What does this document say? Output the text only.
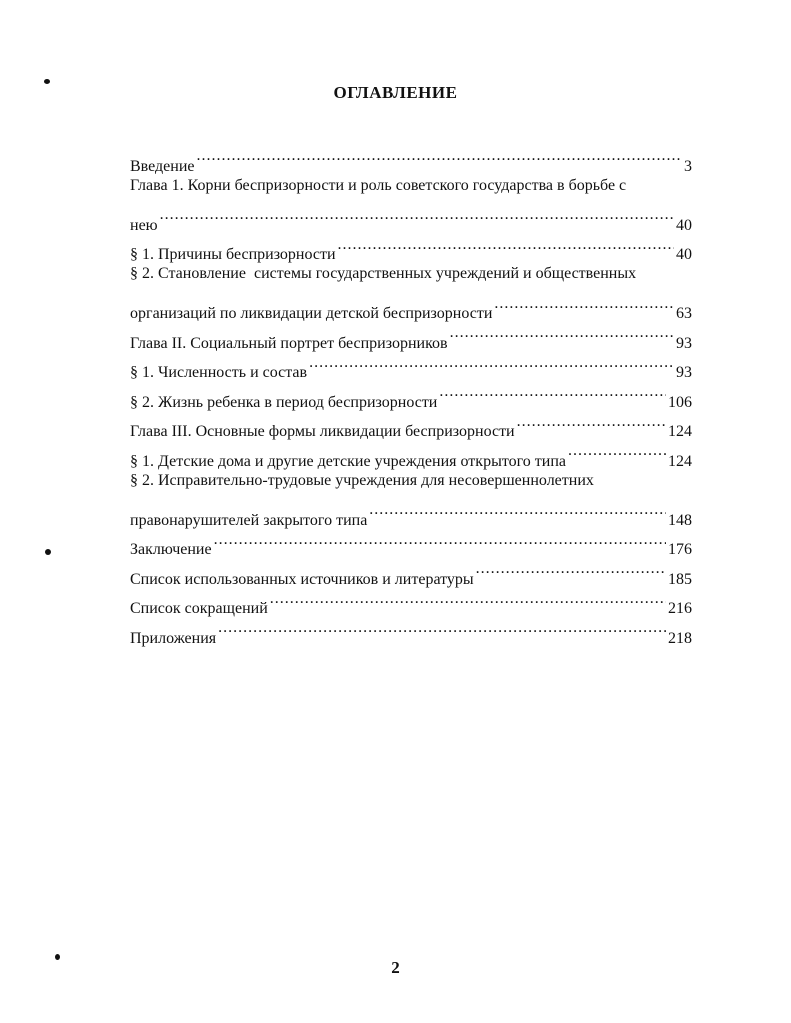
ОГЛАВЛЕНИЕ
Введение .....	3
Глава 1. Корни беспризорности и роль советского государства в борьбе с
нею .....	40
§ 1. Причины беспризорности .....	40
§ 2. Становление  системы государственных учреждений и общественных
организаций по ликвидации детской беспризорности .....	63
Глава II. Социальный портрет беспризорников .....	93
§ 1. Численность и состав .....	93
§ 2. Жизнь ребенка в период беспризорности .....	106
Глава III. Основные формы ликвидации беспризорности .....	124
§ 1. Детские дома и другие детские учреждения открытого типа .....	124
§ 2. Исправительно-трудовые учреждения для несовершеннолетних
правонарушителей закрытого типа .....	148
Заключение .....	176
Список использованных источников и литературы .....	185
Список сокращений .....	216
Приложения .....	218
2
